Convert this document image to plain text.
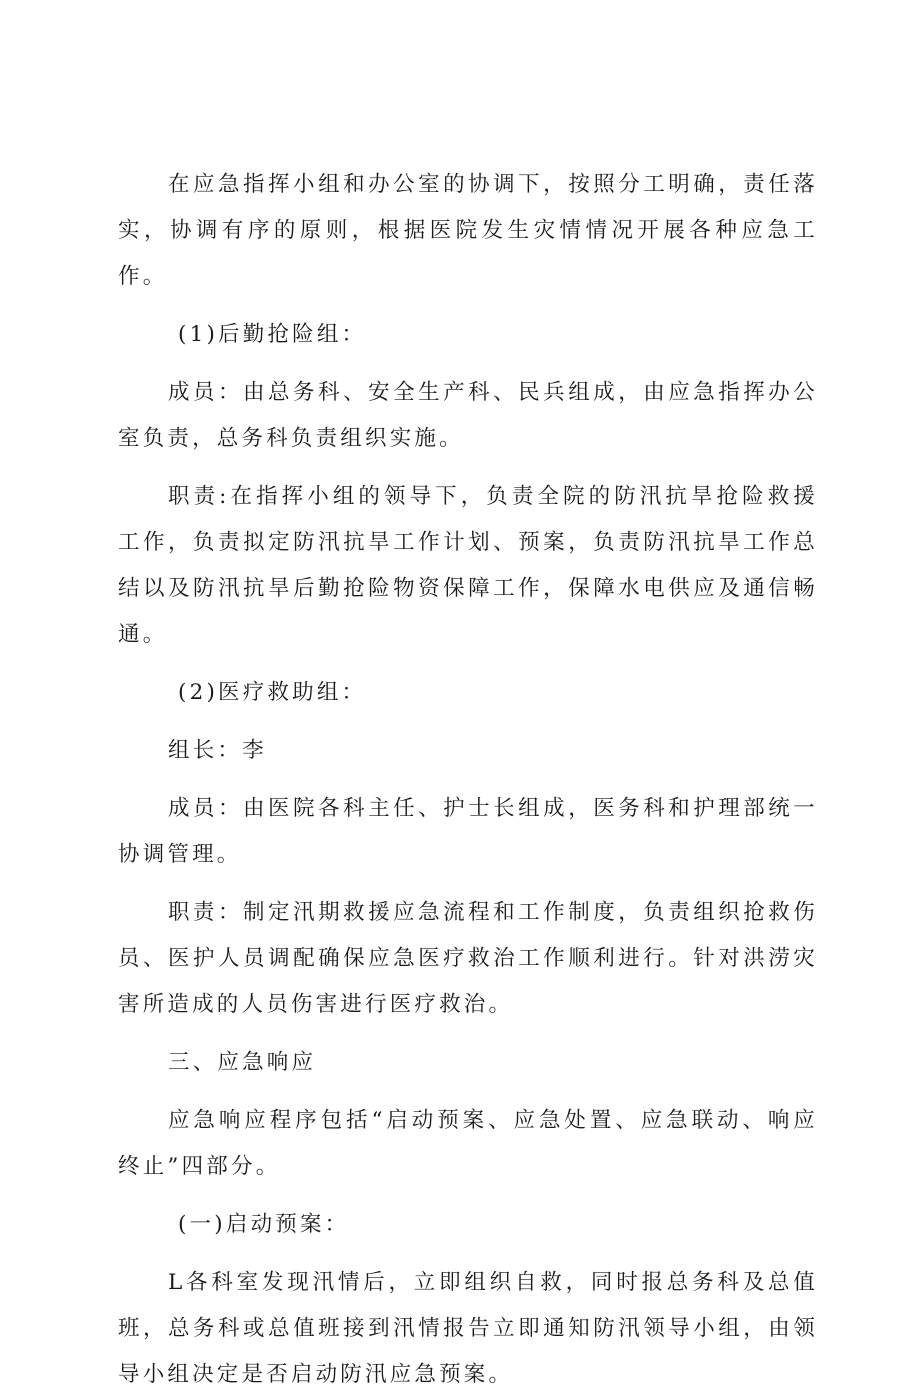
在应急指挥小组和办公室的协调下，按照分工明确，责任落实，协调有序的原则，根据医院发生灾情情况开展各种应急工作。

(1)后勤抢险组：

成员：由总务科、安全生产科、民兵组成，由应急指挥办公室负责，总务科负责组织实施。

职责:在指挥小组的领导下，负责全院的防汛抗旱抢险救援工作，负责拟定防汛抗旱工作计划、预案，负责防汛抗旱工作总结以及防汛抗旱后勤抢险物资保障工作，保障水电供应及通信畅通。

(2)医疗救助组：

组长：李

成员：由医院各科主任、护士长组成，医务科和护理部统一协调管理。

职责：制定汛期救援应急流程和工作制度，负责组织抢救伤员、医护人员调配确保应急医疗救治工作顺利进行。针对洪涝灾害所造成的人员伤害进行医疗救治。

三、应急响应

应急响应程序包括“启动预案、应急处置、应急联动、响应终止”四部分。

(一)启动预案：

L各科室发现汛情后，立即组织自救，同时报总务科及总值班，总务科或总值班接到汛情报告立即通知防汛领导小组，由领导小组决定是否启动防汛应急预案。
